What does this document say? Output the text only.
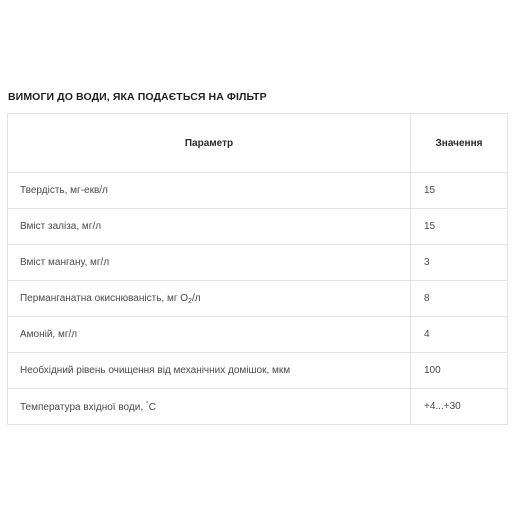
ВИМОГИ ДО ВОДИ, ЯКА ПОДАЄТЬСЯ НА ФІЛЬТР
Параметр	Значення
Твердість, мг-екв/л	15
Вміст заліза, мг/л	15
Вміст мангану, мг/л	3
Перманганатна окиснюваність, мг $O_2/л$	8
Амоній, мг/л	4
Необхідний рівень очищення від механічних домішок, мкм	100
Температура вхідної води, °C	+4...+30
